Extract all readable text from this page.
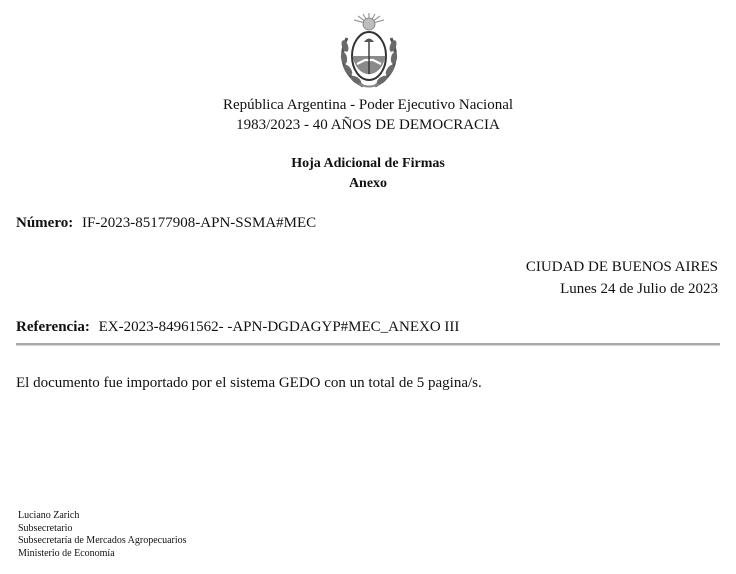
República Argentina - Poder Ejecutivo Nacional
1983/2023 - 40 AÑOS DE DEMOCRACIA
Hoja Adicional de Firmas
Anexo
Número: IF-2023-85177908-APN-SSMA#MEC
CIUDAD DE BUENOS AIRES
Lunes 24 de Julio de 2023
Referencia: EX-2023-84961562- -APN-DGDAGYP#MEC_ANEXO III
El documento fue importado por el sistema GEDO con un total de 5 pagina/s.
Luciano Zarich
Subsecretario
Subsecretaría de Mercados Agropecuarios
Ministerio de Economía
